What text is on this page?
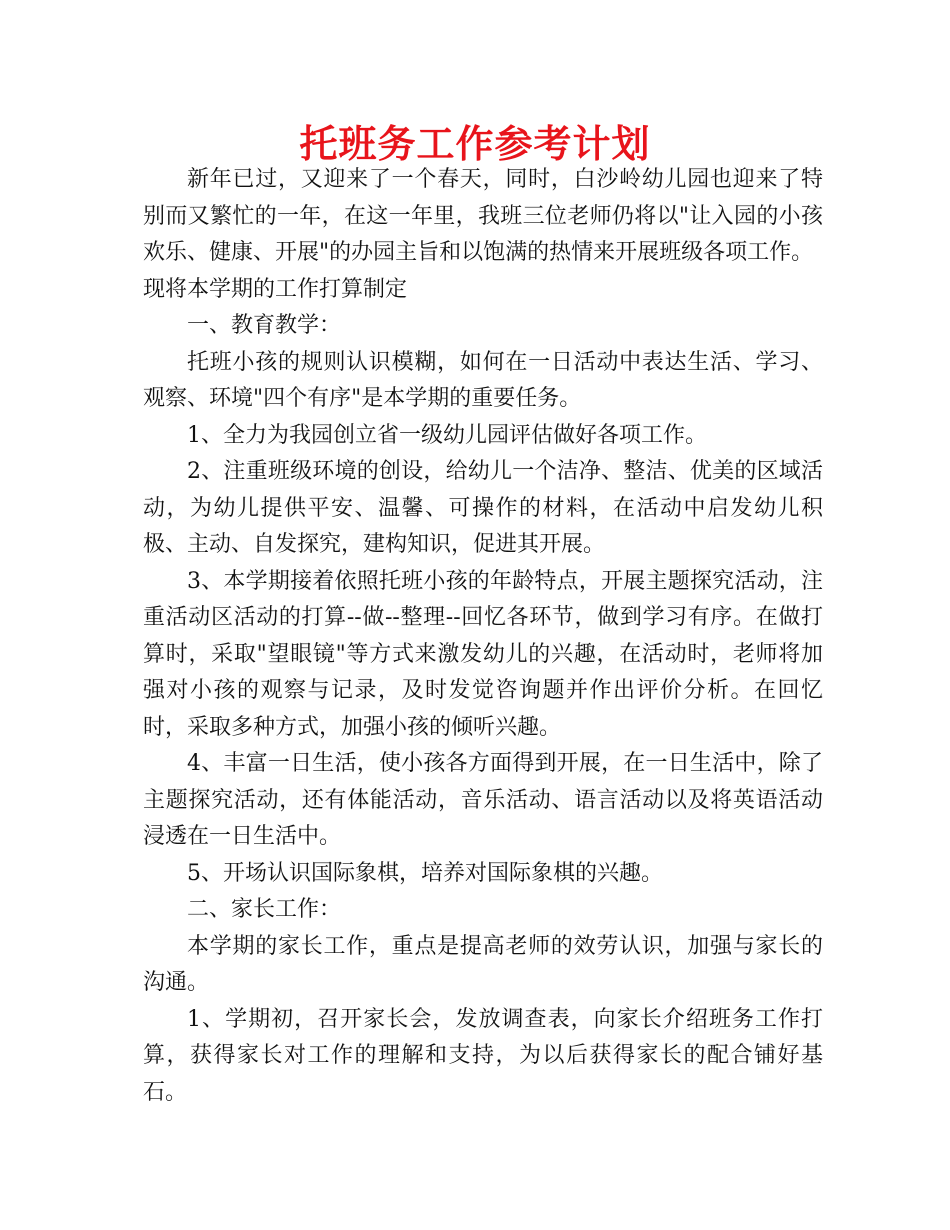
托班务工作参考计划

新年已过，又迎来了一个春天，同时，白沙岭幼儿园也迎来了特别而又繁忙的一年，在这一年里，我班三位老师仍将以"让入园的小孩欢乐、健康、开展"的办园主旨和以饱满的热情来开展班级各项工作。

现将本学期的工作打算制定

一、教育教学：

托班小孩的规则认识模糊，如何在一日活动中表达生活、学习、观察、环境"四个有序"是本学期的重要任务。

1、全力为我园创立省一级幼儿园评估做好各项工作。

2、注重班级环境的创设，给幼儿一个洁净、整洁、优美的区域活动，为幼儿提供平安、温馨、可操作的材料，在活动中启发幼儿积极、主动、自发探究，建构知识，促进其开展。

3、本学期接着依照托班小孩的年龄特点，开展主题探究活动，注重活动区活动的打算--做--整理--回忆各环节，做到学习有序。在做打算时，采取"望眼镜"等方式来激发幼儿的兴趣，在活动时，老师将加强对小孩的观察与记录，及时发觉咨询题并作出评价分析。在回忆时，采取多种方式，加强小孩的倾听兴趣。

4、丰富一日生活，使小孩各方面得到开展，在一日生活中，除了主题探究活动，还有体能活动，音乐活动、语言活动以及将英语活动浸透在一日生活中。

5、开场认识国际象棋，培养对国际象棋的兴趣。

二、家长工作：

本学期的家长工作，重点是提高老师的效劳认识，加强与家长的沟通。

1、学期初，召开家长会，发放调查表，向家长介绍班务工作打算，获得家长对工作的理解和支持，为以后获得家长的配合铺好基石。
